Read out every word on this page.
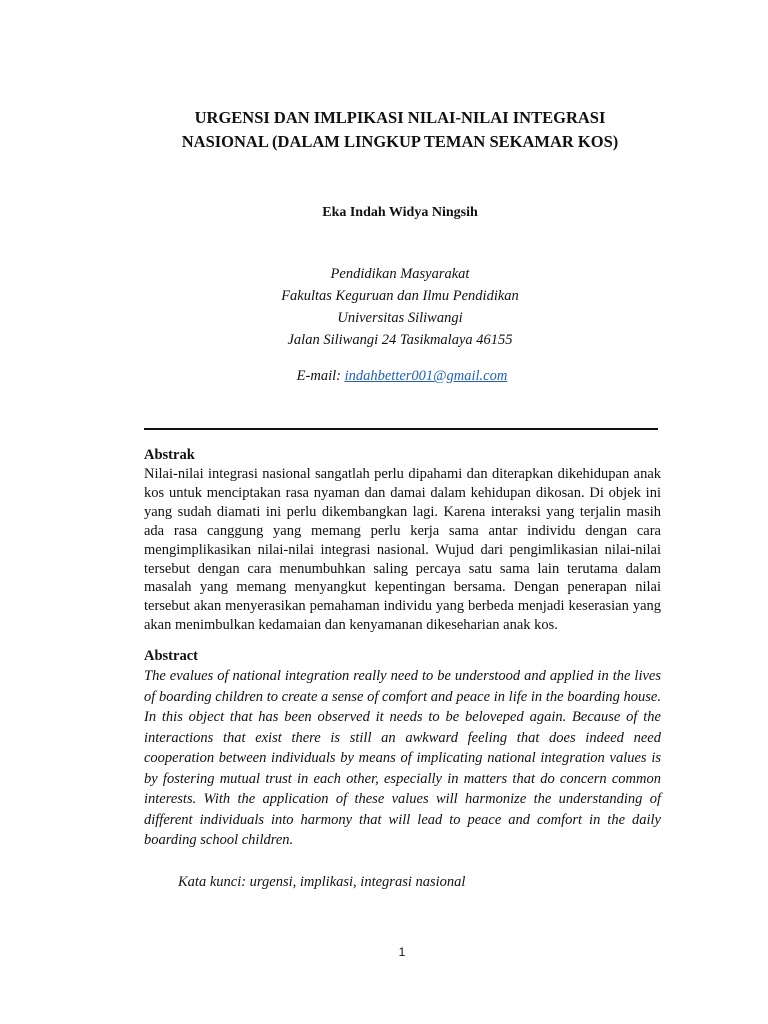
URGENSI DAN IMLPIKASI NILAI-NILAI INTEGRASI
NASIONAL (DALAM LINGKUP TEMAN SEKAMAR KOS)
Eka Indah Widya Ningsih
Pendidikan Masyarakat
Fakultas Keguruan dan Ilmu Pendidikan
Universitas Siliwangi
Jalan Siliwangi 24 Tasikmalaya 46155
E-mail: indahbetter001@gmail.com
Abstrak
Nilai-nilai integrasi nasional sangatlah perlu dipahami dan diterapkan dikehidupan anak kos untuk menciptakan rasa nyaman dan damai dalam kehidupan dikosan. Di objek ini yang sudah diamati ini perlu dikembangkan lagi. Karena interaksi yang terjalin masih ada rasa canggung yang memang perlu kerja sama antar individu dengan cara mengimplikasikan nilai-nilai integrasi nasional. Wujud dari pengimlikasian nilai-nilai tersebut dengan cara menumbuhkan saling percaya satu sama lain terutama dalam masalah yang memang menyangkut kepentingan bersama. Dengan penerapan nilai tersebut akan menyerasikan pemahaman individu yang berbeda menjadi keserasian yang akan menimbulkan kedamaian dan kenyamanan dikeseharian anak kos.
Abstract
The evalues of national integration really need to be understood and applied in the lives of boarding children to create a sense of comfort and peace in life in the boarding house. In this object that has been observed it needs to be beloveped again. Because of the interactions that exist there is still an awkward feeling that does indeed need cooperation between individuals by means of implicating national integration values is by fostering mutual trust in each other, especially in matters that do concern common interests. With the application of these values will harmonize the understanding of different individuals into harmony that will lead to peace and comfort in the daily boarding school children.
Kata kunci: urgensi, implikasi, integrasi nasional
1
